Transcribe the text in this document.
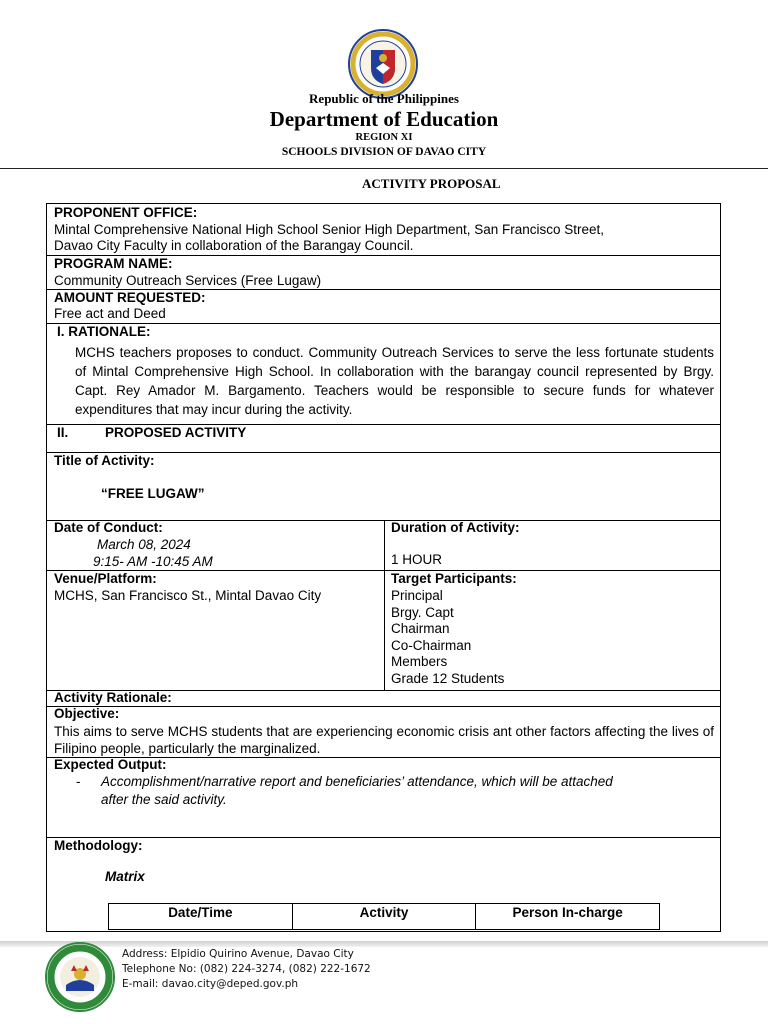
Republic of the Philippines
Department of Education
REGION XI
SCHOOLS DIVISION OF DAVAO CITY
ACTIVITY PROPOSAL
PROPONENT OFFICE:
Mintal Comprehensive National High School Senior High Department, San Francisco Street,
Davao City Faculty in collaboration of the Barangay Council.
PROGRAM NAME:
Community Outreach Services (Free Lugaw)
AMOUNT REQUESTED:
Free act and Deed
I. RATIONALE:
MCHS teachers proposes to conduct. Community Outreach Services to serve the less fortunate students of Mintal Comprehensive High School. In collaboration with the barangay council represented by Brgy. Capt. Rey Amador M. Bargamento. Teachers would be responsible to secure funds for whatever expenditures that may incur during the activity.
II.	PROPOSED ACTIVITY
Title of Activity:
“FREE LUGAW”
Date of Conduct:
March 08, 2024
9:15- AM -10:45 AM
Duration of Activity:
1 HOUR
Venue/Platform:
MCHS, San Francisco St., Mintal Davao City
Target Participants:
Principal
Brgy. Capt
Chairman
Co-Chairman
Members
Grade 12 Students
Activity Rationale:
Objective:
This aims to serve MCHS students that are experiencing economic crisis ant other factors affecting the lives of Filipino people, particularly the marginalized.
Expected Output:
- Accomplishment/narrative report and beneficiaries’ attendance, which will be attached
after the said activity.
Methodology:
Matrix
Date/Time	Activity	Person In-charge
Address: Elpidio Quirino Avenue, Davao City
Telephone No: (082) 224-3274, (082) 222-1672
E-mail: davao.city@deped.gov.ph
